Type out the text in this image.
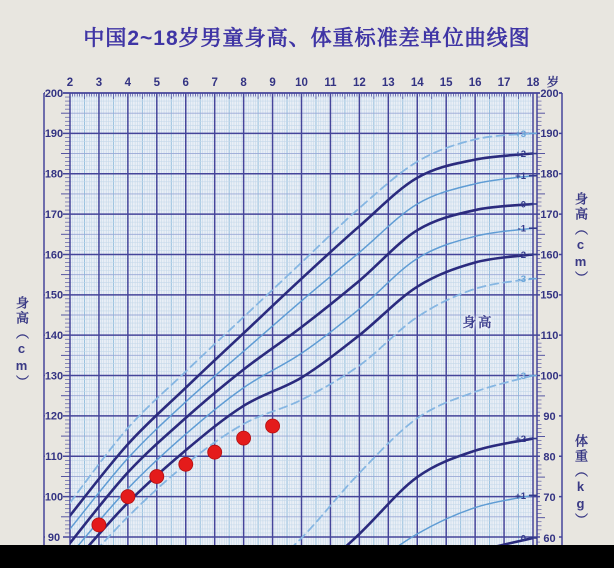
中国2~18岁男童身高、体重标准差单位曲线图
90
100
110
120
130
140
150
160
170
180
190
200
150
160
170
180
190
200
60
70
80
90
100
110
2 3 4 5 6 7 8 9 10 11 12 13 14 15 16 17 18 岁
+3
+2
+1
0
-1
-2
-3
+3
+2
+1
0
身高（cm）
身高（cm）
体重（kg）
身高
